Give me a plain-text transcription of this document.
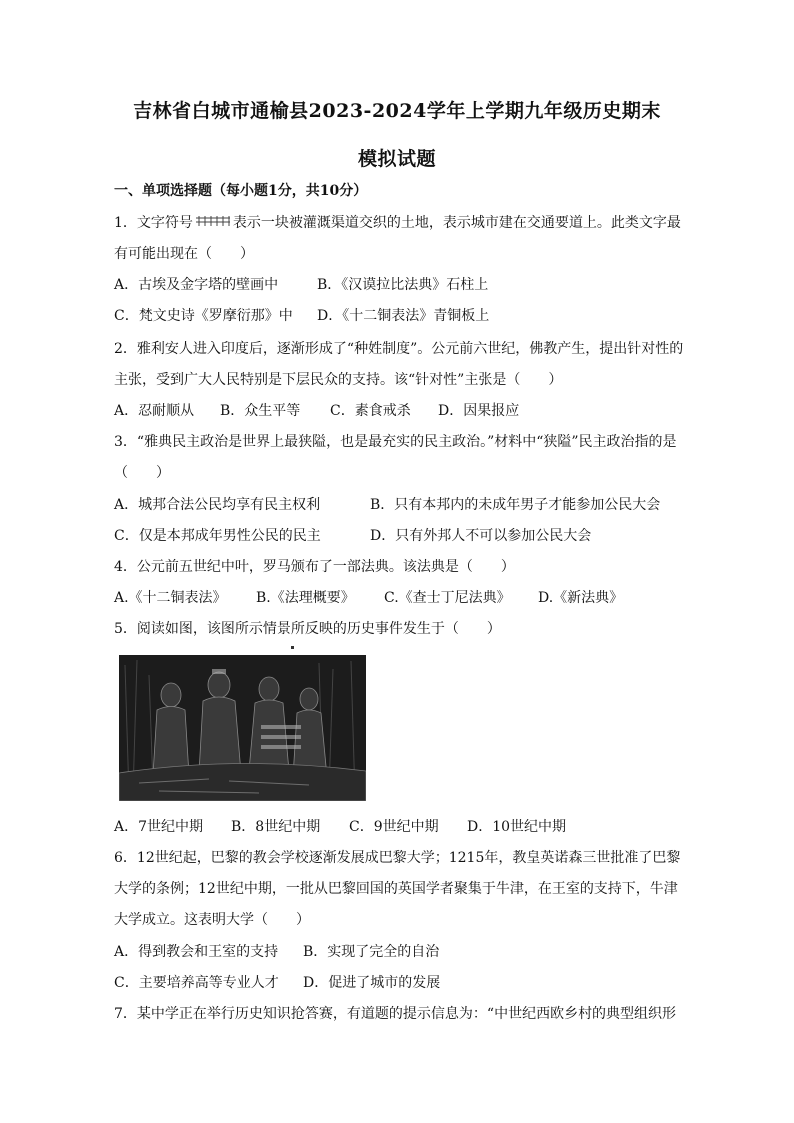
吉林省白城市通榆县2023-2024学年上学期九年级历史期末
模拟试题
一、单项选择题（每小题1分，共10分）
1．文字符号	表示一块被灌溉渠道交织的土地，表示城市建在交通要道上。此类文字最
有可能出现在（　　）
A．古埃及金字塔的壁画中	B．《汉谟拉比法典》石柱上
C．梵文史诗《罗摩衍那》中 D．《十二铜表法》青铜板上
2．雅利安人进入印度后，逐渐形成了“种姓制度”。公元前六世纪，佛教产生，提出针对性的
主张，受到广大人民特别是下层民众的支持。该“针对性”主张是（　　）
A．忍耐顺从 B．众生平等 C．素食戒杀 D．因果报应
3．“雅典民主政治是世界上最狭隘，也是最充实的民主政治。”材料中“狭隘”民主政治指的是
（　　）
A．城邦合法公民均享有民主权利	B．只有本邦内的未成年男子才能参加公民大会
C．仅是本邦成年男性公民的民主	D．只有外邦人不可以参加公民大会
4．公元前五世纪中叶，罗马颁布了一部法典。该法典是（　　）
A.《十二铜表法》 B.《法理概要》 C.《查士丁尼法典》 D.《新法典》
5．阅读如图，该图所示情景所反映的历史事件发生于（　　）
A．7世纪中期 B．8世纪中期 C．9世纪中期 D．10世纪中期
6．12世纪起，巴黎的教会学校逐渐发展成巴黎大学；1215年，教皇英诺森三世批准了巴黎
大学的条例；12世纪中期，一批从巴黎回国的英国学者聚集于牛津，在王室的支持下，牛津
大学成立。这表明大学（　　）
A．得到教会和王室的支持 B．实现了完全的自治
C．主要培养高等专业人才 D．促进了城市的发展
7．某中学正在举行历史知识抢答赛，有道题的提示信息为：“中世纪西欧乡村的典型组织形
